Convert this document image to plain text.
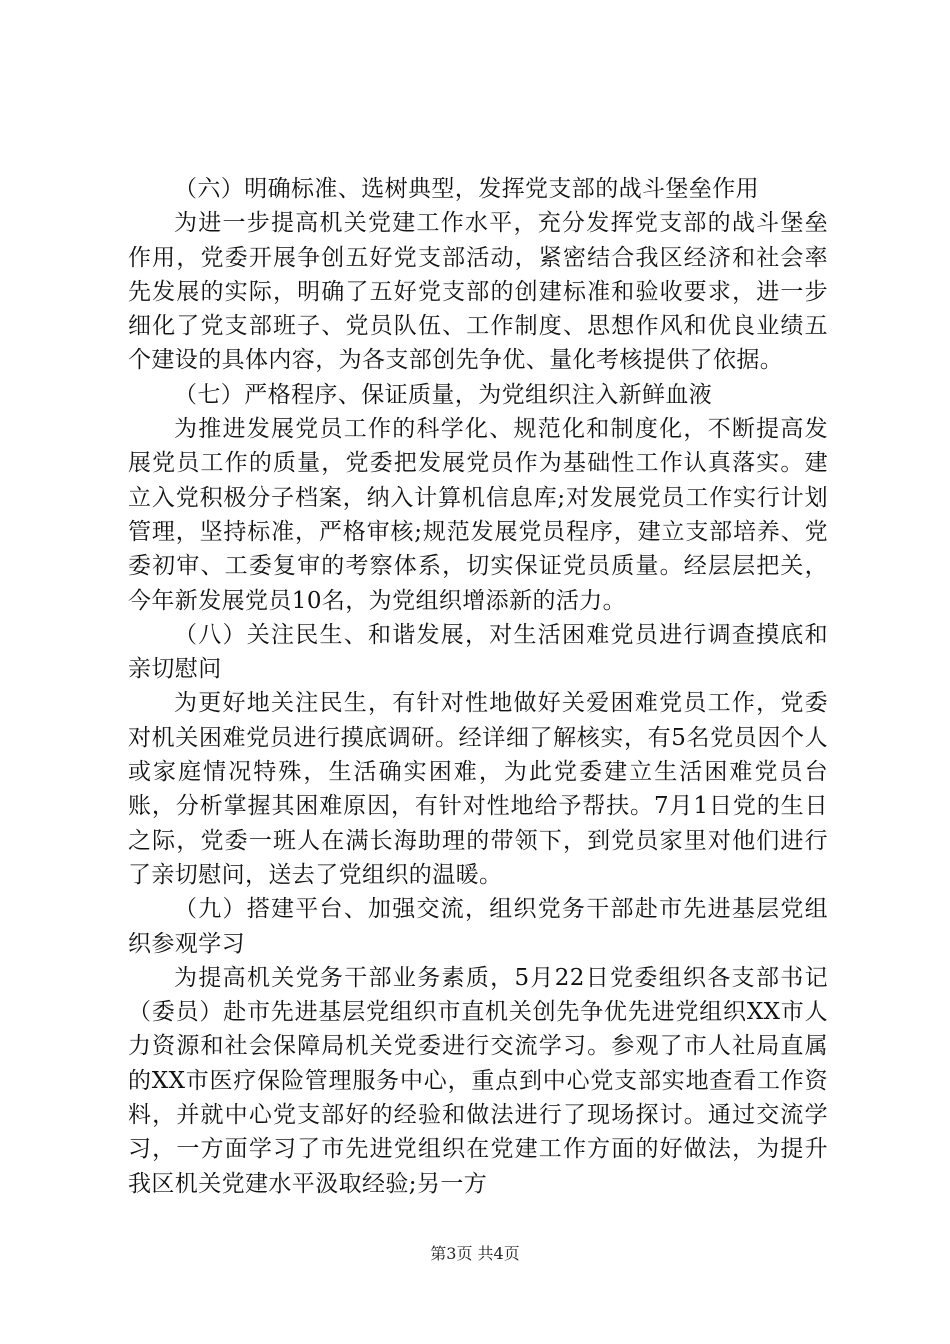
（六）明确标准、选树典型，发挥党支部的战斗堡垒作用

为进一步提高机关党建工作水平，充分发挥党支部的战斗堡垒作用，党委开展争创五好党支部活动，紧密结合我区经济和社会率先发展的实际，明确了五好党支部的创建标准和验收要求，进一步细化了党支部班子、党员队伍、工作制度、思想作风和优良业绩五个建设的具体内容，为各支部创先争优、量化考核提供了依据。

（七）严格程序、保证质量，为党组织注入新鲜血液

为推进发展党员工作的科学化、规范化和制度化，不断提高发展党员工作的质量，党委把发展党员作为基础性工作认真落实。建立入党积极分子档案，纳入计算机信息库;对发展党员工作实行计划管理，坚持标准，严格审核;规范发展党员程序，建立支部培养、党委初审、工委复审的考察体系，切实保证党员质量。经层层把关，今年新发展党员10名，为党组织增添新的活力。

（八）关注民生、和谐发展，对生活困难党员进行调查摸底和亲切慰问

为更好地关注民生，有针对性地做好关爱困难党员工作，党委对机关困难党员进行摸底调研。经详细了解核实，有5名党员因个人或家庭情况特殊，生活确实困难，为此党委建立生活困难党员台账，分析掌握其困难原因，有针对性地给予帮扶。7月1日党的生日之际，党委一班人在满长海助理的带领下，到党员家里对他们进行了亲切慰问，送去了党组织的温暖。

（九）搭建平台、加强交流，组织党务干部赴市先进基层党组织参观学习

为提高机关党务干部业务素质，5月22日党委组织各支部书记（委员）赴市先进基层党组织市直机关创先争优先进党组织XX市人力资源和社会保障局机关党委进行交流学习。参观了市人社局直属的XX市医疗保险管理服务中心，重点到中心党支部实地查看工作资料，并就中心党支部好的经验和做法进行了现场探讨。通过交流学习，一方面学习了市先进党组织在党建工作方面的好做法，为提升我区机关党建水平汲取经验;另一方

第3页 共4页
